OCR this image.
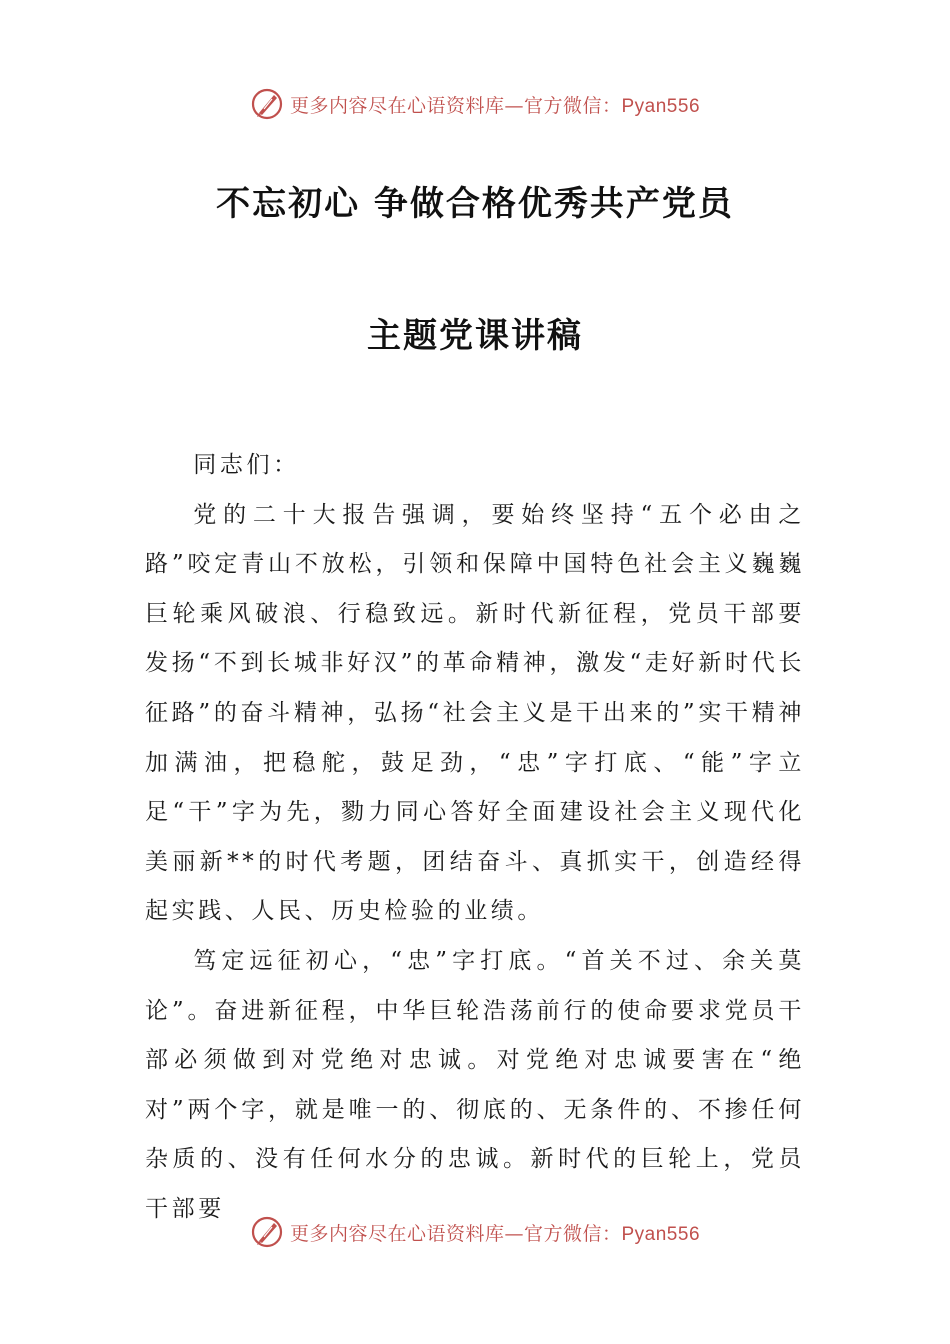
更多内容尽在心语资料库—官方微信：Pyan556
不忘初心 争做合格优秀共产党员
主题党课讲稿

同志们：

党的二十大报告强调，要始终坚持“五个必由之路”咬定青山不放松，引领和保障中国特色社会主义巍巍巨轮乘风破浪、行稳致远。新时代新征程，党员干部要发扬“不到长城非好汉”的革命精神，激发“走好新时代长征路”的奋斗精神，弘扬“社会主义是干出来的”实干精神加满油，把稳舵，鼓足劲，“忠”字打底、“能”字立足“干”字为先，勠力同心答好全面建设社会主义现代化美丽新**的时代考题，团结奋斗、真抓实干，创造经得起实践、人民、历史检验的业绩。

笃定远征初心，“忠”字打底。“首关不过、余关莫论”。奋进新征程，中华巨轮浩荡前行的使命要求党员干部必须做到对党绝对忠诚。对党绝对忠诚要害在“绝对”两个字，就是唯一的、彻底的、无条件的、不掺任何杂质的、没有任何水分的忠诚。新时代的巨轮上，党员干部要

更多内容尽在心语资料库—官方微信：Pyan556
